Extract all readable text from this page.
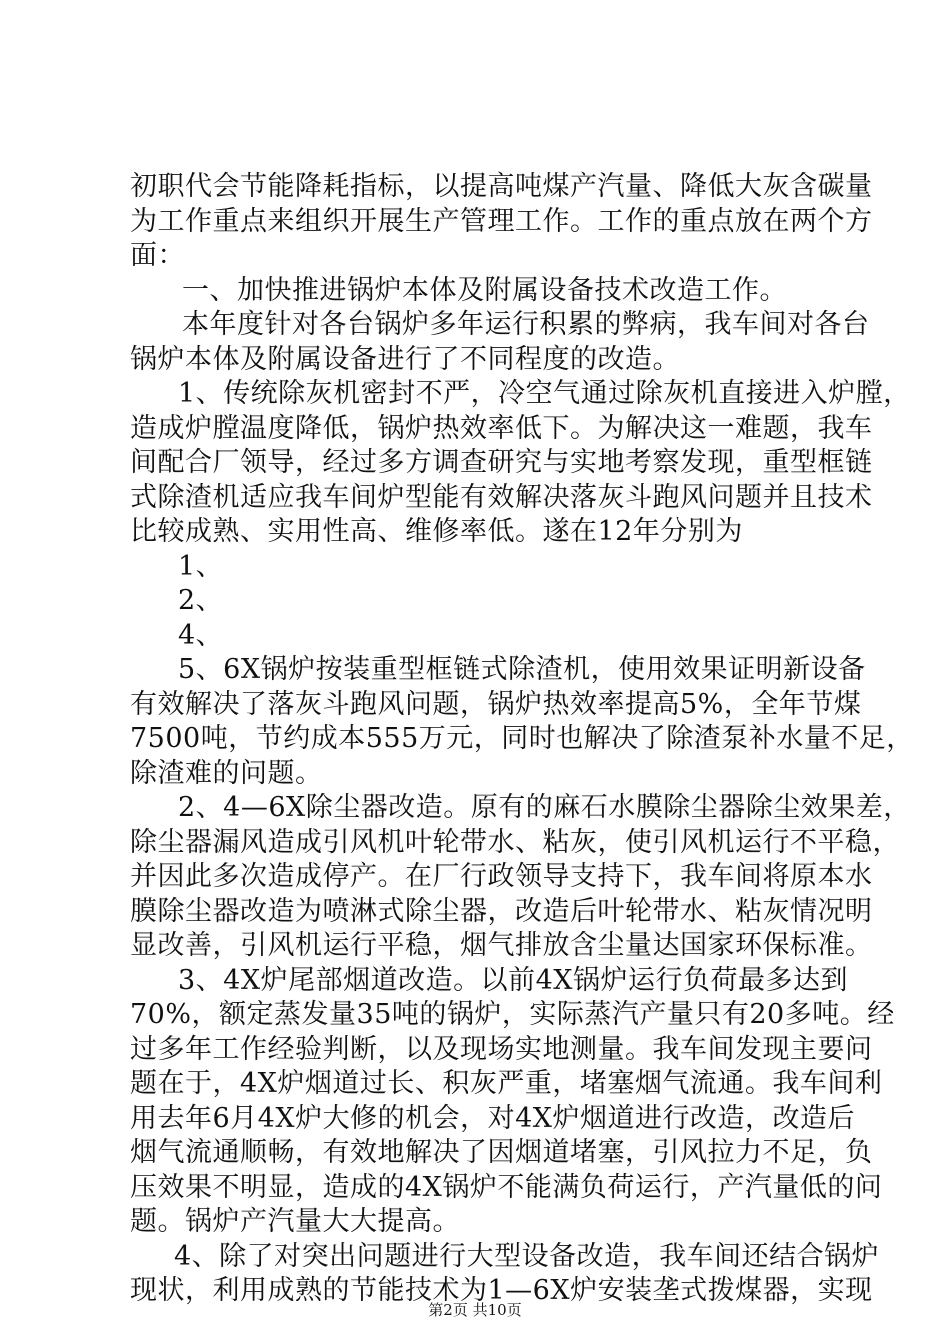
初职代会节能降耗指标，以提高吨煤产汽量、降低大灰含碳量
为工作重点来组织开展生产管理工作。工作的重点放在两个方
面：
一、加快推进锅炉本体及附属设备技术改造工作。
本年度针对各台锅炉多年运行积累的弊病，我车间对各台
锅炉本体及附属设备进行了不同程度的改造。
1、传统除灰机密封不严，冷空气通过除灰机直接进入炉膛，
造成炉膛温度降低，锅炉热效率低下。为解决这一难题，我车
间配合厂领导，经过多方调查研究与实地考察发现，重型框链
式除渣机适应我车间炉型能有效解决落灰斗跑风问题并且技术
比较成熟、实用性高、维修率低。遂在12年分别为
1、
2、
4、
5、6X锅炉按装重型框链式除渣机，使用效果证明新设备
有效解决了落灰斗跑风问题，锅炉热效率提高5%，全年节煤
7500吨，节约成本555万元，同时也解决了除渣泵补水量不足，
除渣难的问题。
2、4—6X除尘器改造。原有的麻石水膜除尘器除尘效果差，
除尘器漏风造成引风机叶轮带水、粘灰，使引风机运行不平稳，
并因此多次造成停产。在厂行政领导支持下，我车间将原本水
膜除尘器改造为喷淋式除尘器，改造后叶轮带水、粘灰情况明
显改善，引风机运行平稳，烟气排放含尘量达国家环保标准。
3、4X炉尾部烟道改造。以前4X锅炉运行负荷最多达到
70%，额定蒸发量35吨的锅炉，实际蒸汽产量只有20多吨。经
过多年工作经验判断，以及现场实地测量。我车间发现主要问
题在于，4X炉烟道过长、积灰严重，堵塞烟气流通。我车间利
用去年6月4X炉大修的机会，对4X炉烟道进行改造，改造后
烟气流通顺畅，有效地解决了因烟道堵塞，引风拉力不足，负
压效果不明显，造成的4X锅炉不能满负荷运行，产汽量低的问
题。锅炉产汽量大大提高。
4、除了对突出问题进行大型设备改造，我车间还结合锅炉
现状，利用成熟的节能技术为1—6X炉安装垄式拨煤器，实现
第2页 共10页
